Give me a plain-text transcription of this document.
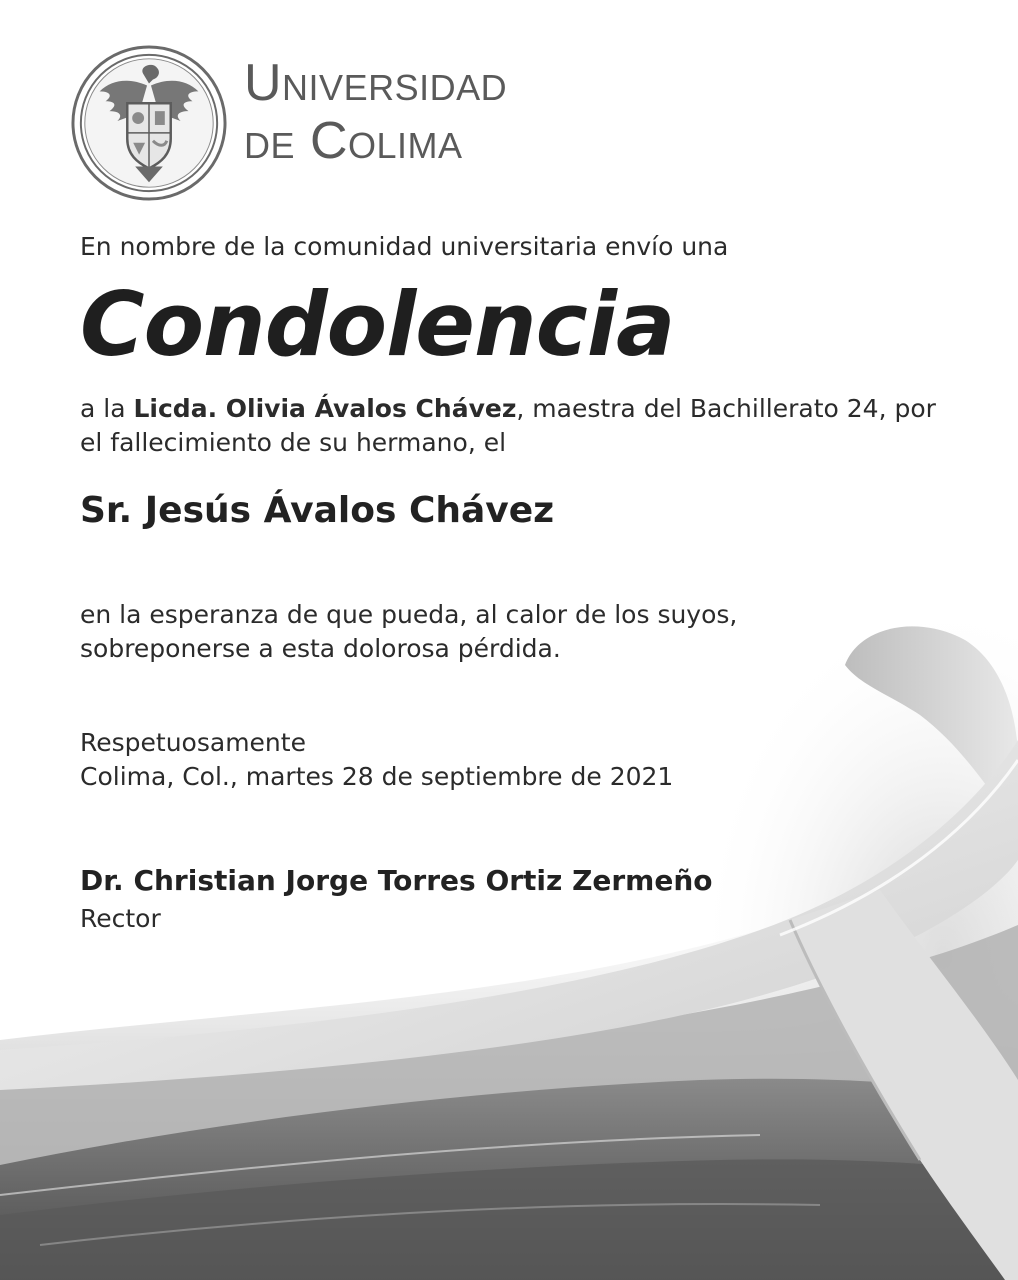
Universidad
de Colima
En nombre de la comunidad universitaria envío una
Condolencia
a la Licda. Olivia Ávalos Chávez, maestra del Bachillerato 24, por
el fallecimiento de su hermano, el
Sr. Jesús Ávalos Chávez
en la esperanza de que pueda, al calor de los suyos,
sobreponerse a esta dolorosa pérdida.
Respetuosamente
Colima, Col., martes 28 de septiembre de 2021
Dr. Christian Jorge Torres Ortiz Zermeño
Rector
